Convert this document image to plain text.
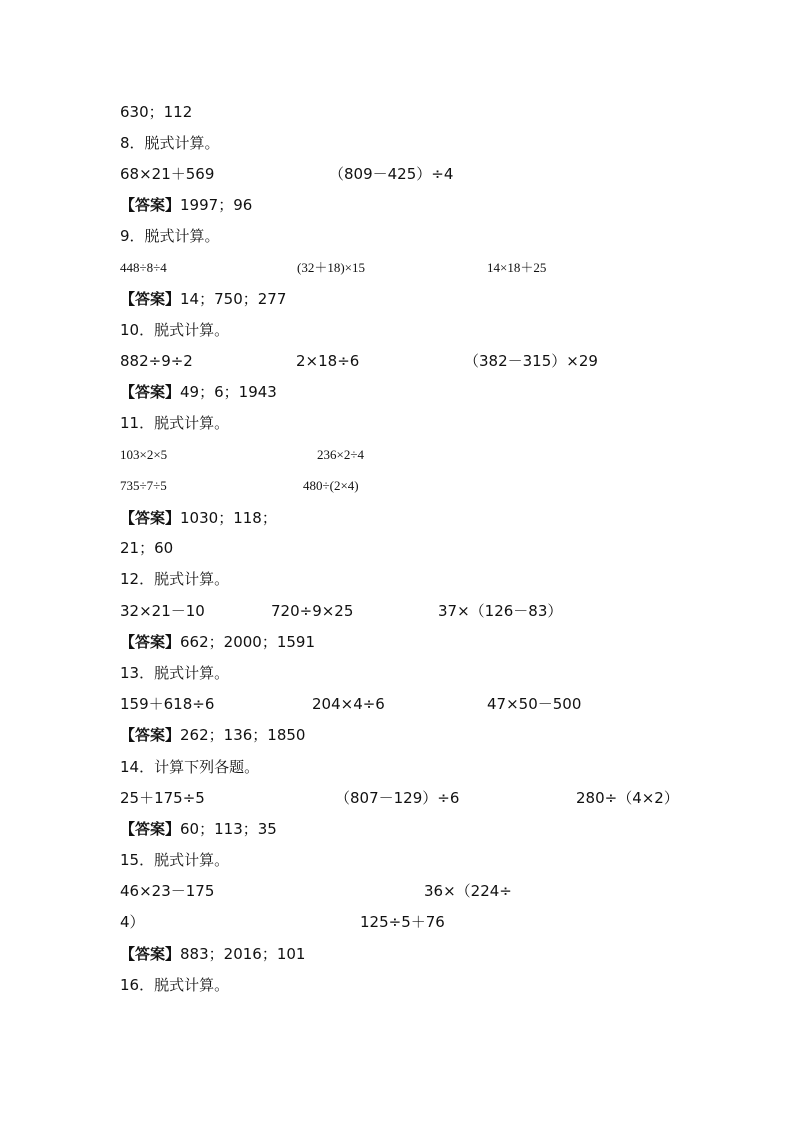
630；112
8．脱式计算。
68×21＋569	（809－425）÷4
【答案】1997；96
9．脱式计算。
448÷8÷4	(32＋18)×15	14×18＋25
【答案】14；750；277
10．脱式计算。
882÷9÷2	2×18÷6	（382－315）×29
【答案】49；6；1943
11．脱式计算。
103×2×5	236×2÷4
735÷7÷5	480÷(2×4)
【答案】1030；118；
21；60
12．脱式计算。
32×21－10	720÷9×25	37×（126－83）
【答案】662；2000；1591
13．脱式计算。
159＋618÷6	204×4÷6	47×50－500
【答案】262；136；1850
14．计算下列各题。
25＋175÷5	（807－129）÷6	280÷（4×2）
【答案】60；113；35
15．脱式计算。
46×23－175	36×（224÷
4）	125÷5＋76
【答案】883；2016；101
16．脱式计算。
